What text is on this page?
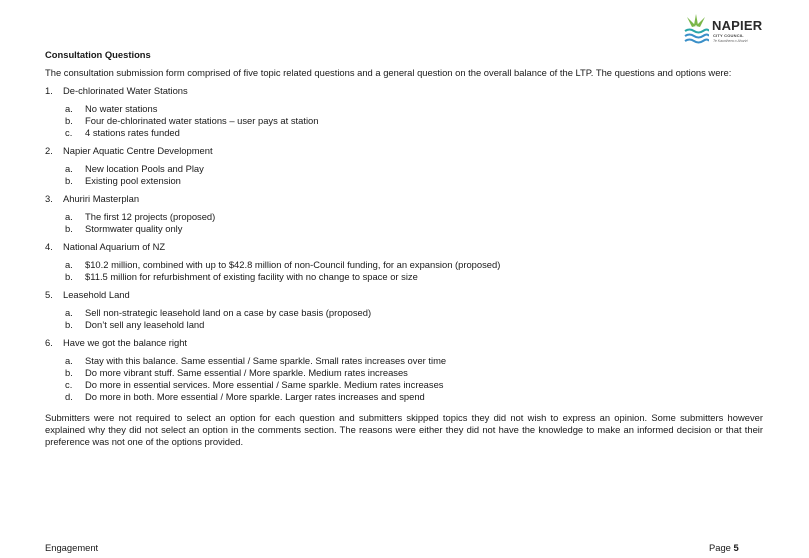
NAPIER
CITY COUNCIL
Te Kaunihera o Ahuriri
Consultation Questions

The consultation submission form comprised of five topic related questions and a general question on the overall balance of the LTP. The questions and options were:

1.	De-chlorinated Water Stations
a.	No water stations
b.	Four de-chlorinated water stations – user pays at station
c.	4 stations rates funded
2.	Napier Aquatic Centre Development
a.	New location Pools and Play
b.	Existing pool extension
3.	Ahuriri Masterplan
a.	The first 12 projects (proposed)
b.	Stormwater quality only
4.	National Aquarium of NZ
a.	$10.2 million, combined with up to $42.8 million of non-Council funding, for an expansion (proposed)
b.	$11.5 million for refurbishment of existing facility with no change to space or size
5.	Leasehold Land
a.	Sell non-strategic leasehold land on a case by case basis (proposed)
b.	Don’t sell any leasehold land
6.	Have we got the balance right
a.	Stay with this balance. Same essential / Same sparkle. Small rates increases over time
b.	Do more vibrant stuff. Same essential / More sparkle. Medium rates increases
c.	Do more in essential services. More essential / Same sparkle. Medium rates increases
d.	Do more in both. More essential / More sparkle. Larger rates increases and spend

Submitters were not required to select an option for each question and submitters skipped topics they did not wish to express an opinion. Some submitters however explained why they did not select an option in the comments section. The reasons were either they did not have the knowledge to make an informed decision or that their preference was not one of the options provided.

Engagement	Page 5
